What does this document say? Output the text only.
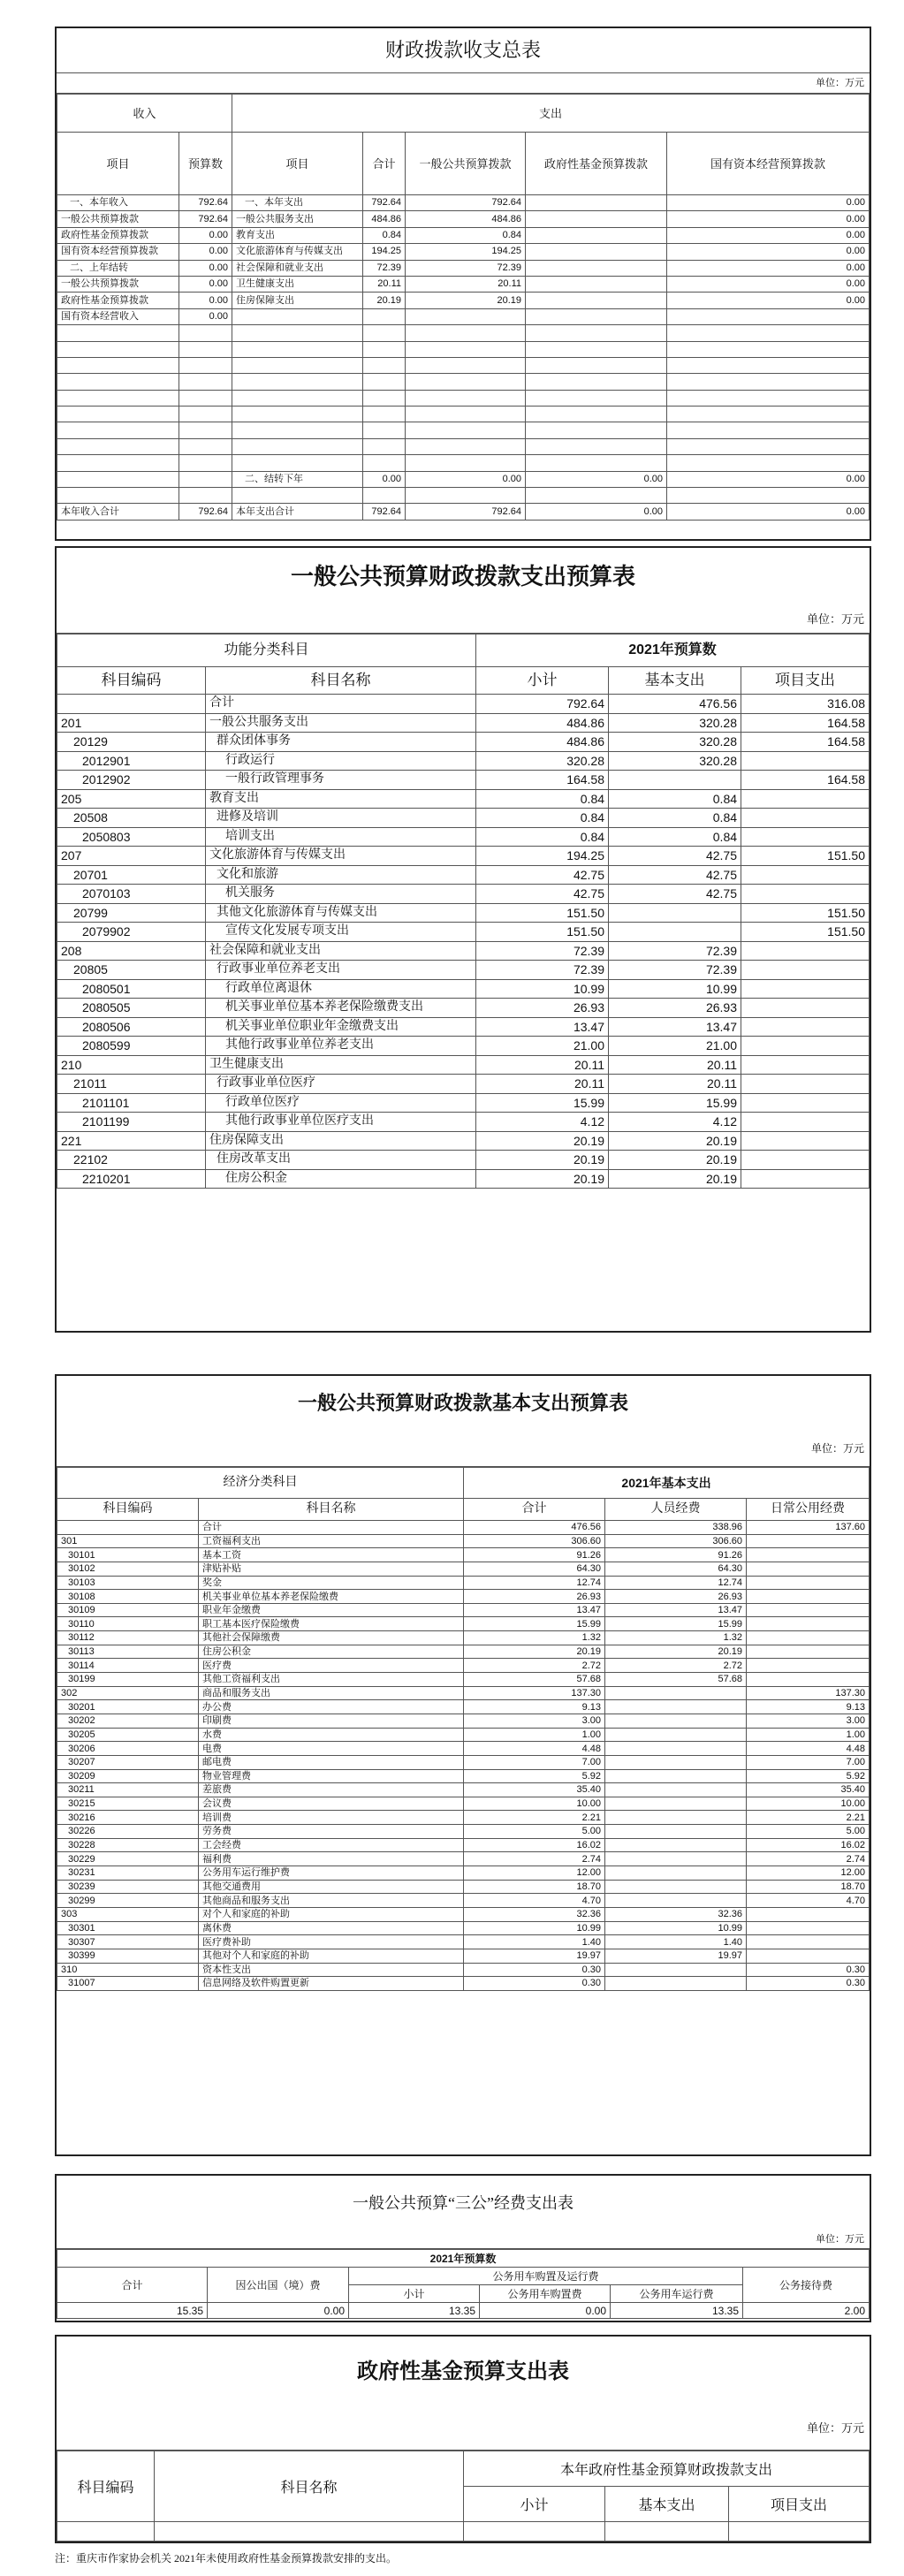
财政拨款收支总表
单位：万元
收入		支出				
项目	预算数	项目	合计	一般公共预算拨款	政府性基金预算拨款	国有资本经营预算拨款
一、本年收入	792.64	一、本年支出	792.64	792.64		0.00
一般公共预算拨款	792.64	一般公共服务支出	484.86	484.86		0.00
政府性基金预算拨款	0.00	教育支出	0.84	0.84		0.00
国有资本经营预算拨款	0.00	文化旅游体育与传媒支出	194.25	194.25		0.00
二、上年结转	0.00	社会保障和就业支出	72.39	72.39		0.00
一般公共预算拨款	0.00	卫生健康支出	20.11	20.11		0.00
政府性基金预算拨款	0.00	住房保障支出	20.19	20.19		0.00
国有资本经营收入	0.00					

		二、结转下年	0.00	0.00	0.00	0.00

本年收入合计	792.64	本年支出合计	792.64	792.64	0.00	0.00
一般公共预算财政拨款支出预算表
单位：万元
功能分类科目		2021年预算数		
科目编码	科目名称	小计	基本支出	项目支出
	合计	792.64	476.56	316.08
201	一般公共服务支出	484.86	320.28	164.58
20129	群众团体事务	484.86	320.28	164.58
2012901	行政运行	320.28	320.28	
2012902	一般行政管理事务	164.58		164.58
205	教育支出	0.84	0.84	
20508	进修及培训	0.84	0.84	
2050803	培训支出	0.84	0.84	
207	文化旅游体育与传媒支出	194.25	42.75	151.50
20701	文化和旅游	42.75	42.75	
2070103	机关服务	42.75	42.75	
20799	其他文化旅游体育与传媒支出	151.50		151.50
2079902	宣传文化发展专项支出	151.50		151.50
208	社会保障和就业支出	72.39	72.39	
20805	行政事业单位养老支出	72.39	72.39	
2080501	行政单位离退休	10.99	10.99	
2080505	机关事业单位基本养老保险缴费支出	26.93	26.93	
2080506	机关事业单位职业年金缴费支出	13.47	13.47	
2080599	其他行政事业单位养老支出	21.00	21.00	
210	卫生健康支出	20.11	20.11	
21011	行政事业单位医疗	20.11	20.11	
2101101	行政单位医疗	15.99	15.99	
2101199	其他行政事业单位医疗支出	4.12	4.12	
221	住房保障支出	20.19	20.19	
22102	住房改革支出	20.19	20.19	
2210201	住房公积金	20.19	20.19	
一般公共预算财政拨款基本支出预算表
单位：万元
经济分类科目		2021年基本支出		
科目编码	科目名称	合计	人员经费	日常公用经费
	合计	476.56	338.96	137.60
301	工资福利支出	306.60	306.60	
30101	基本工资	91.26	91.26	
30102	津贴补贴	64.30	64.30	
30103	奖金	12.74	12.74	
30108	机关事业单位基本养老保险缴费	26.93	26.93	
30109	职业年金缴费	13.47	13.47	
30110	职工基本医疗保险缴费	15.99	15.99	
30112	其他社会保障缴费	1.32	1.32	
30113	住房公积金	20.19	20.19	
30114	医疗费	2.72	2.72	
30199	其他工资福利支出	57.68	57.68	
302	商品和服务支出	137.30		137.30
30201	办公费	9.13		9.13
30202	印刷费	3.00		3.00
30205	水费	1.00		1.00
30206	电费	4.48		4.48
30207	邮电费	7.00		7.00
30209	物业管理费	5.92		5.92
30211	差旅费	35.40		35.40
30215	会议费	10.00		10.00
30216	培训费	2.21		2.21
30226	劳务费	5.00		5.00
30228	工会经费	16.02		16.02
30229	福利费	2.74		2.74
30231	公务用车运行维护费	12.00		12.00
30239	其他交通费用	18.70		18.70
30299	其他商品和服务支出	4.70		4.70
303	对个人和家庭的补助	32.36	32.36	
30301	离休费	10.99	10.99	
30307	医疗费补助	1.40	1.40	
30399	其他对个人和家庭的补助	19.97	19.97	
310	资本性支出	0.30		0.30
31007	信息网络及软件购置更新	0.30		0.30
一般公共预算“三公”经费支出表
单位：万元
2021年预算数					
合计	因公出国（境）费	公务用车购置及运行费			公务接待费
		小计	公务用车购置费	公务用车运行费	
15.35	0.00	13.35	0.00	13.35	2.00
政府性基金预算支出表
单位：万元
科目编码	科目名称	本年政府性基金预算财政拨款支出		
		小计	基本支出	项目支出

注：重庆市作家协会机关 2021年未使用政府性基金预算拨款安排的支出。
